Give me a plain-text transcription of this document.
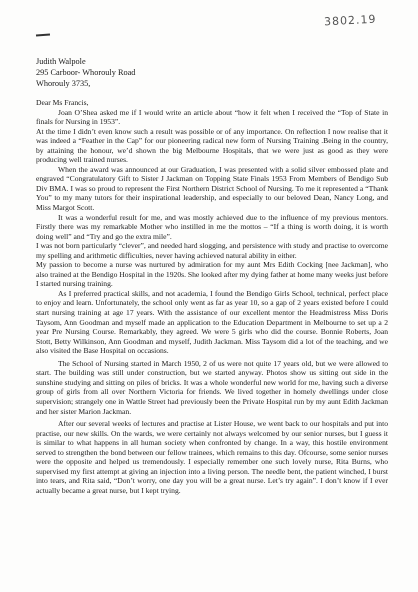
3802.19
Judith Walpole
295 Carboor- Whorouly Road
Whorouly 3735,

Dear Ms Francis,

Joan O’Shea asked me if I would write an article about “how it felt when I received the “Top of State in finals for Nursing in 1953”.

At the time I didn’t even know such a result was possible or of any importance. On reflection I now realise that it was indeed a “Feather in the Cap” for our pioneering radical new form of Nursing Training .Being in the country, by attaining the honour, we’d shown the big Melbourne Hospitals, that we were just as good as they were producing well trained nurses.

When the award was announced at our Graduation, I was presented with a solid silver embossed plate and engraved “Congratulatory Gift to Sister J Jackman on Topping State Finals 1953 From Members of Bendigo Sub Div BMA. I was so proud to represent the First Northern District School of Nursing. To me it represented a “Thank You” to my many tutors for their inspirational leadership, and especially to our beloved Dean, Nancy Long, and Miss Margot Scott.

It was a wonderful result for me, and was mostly achieved due to the influence of my previous mentors. Firstly there was my remarkable Mother who instilled in me the mottos – “If a thing is worth doing, it is worth doing well” and “Try and go the extra mile”.

I was not born particularly “clever”, and needed hard slogging, and persistence with study and practise to overcome my spelling and arithmetic difficulties, never having achieved natural ability in either.

My passion to become a nurse was nurtured by admiration for my aunt Mrs Edith Cocking [nee Jackman], who also trained at the Bendigo Hospital in the 1920s. She looked after my dying father at home many weeks just before I started nursing training.

As I preferred practical skills, and not academia, I found the Bendigo Girls School, technical, perfect place to enjoy and learn. Unfortunately, the school only went as far as year 10, so a gap of 2 years existed before I could start nursing training at age 17 years. With the assistance of our excellent mentor the Headmistress Miss Doris Taysom, Ann Goodman and myself made an application to the Education Department in Melbourne to set up a 2 year Pre Nursing Course. Remarkably, they agreed. We were 5 girls who did the course. Bonnie Roberts, Joan Stott, Betty Wilkinson, Ann Goodman and myself, Judith Jackman. Miss Taysom did a lot of the teaching, and we also visited the Base Hospital on occasions.

The School of Nursing started in March 1950, 2 of us were not quite 17 years old, but we were allowed to start. The building was still under construction, but we started anyway. Photos show us sitting out side in the sunshine studying and sitting on piles of bricks. It was a whole wonderful new world for me, having such a diverse group of girls from all over Northern Victoria for friends. We lived together in homely dwellings under close supervision; strangely one in Wattle Street had previously been the Private Hospital run by my aunt Edith Jackman and her sister Marion Jackman.

After our several weeks of lectures and practise at Lister House, we went back to our hospitals and put into practise, our new skills. On the wards, we were certainly not always welcomed by our senior nurses, but I guess it is similar to what happens in all human society when confronted by change. In a way, this hostile environment served to strengthen the bond between our fellow trainees, which remains to this day. Ofcourse, some senior nurses were the opposite and helped us tremendously. I especially remember one such lovely nurse, Rita Burns, who supervised my first attempt at giving an injection into a living person. The needle bent, the patient winched, I burst into tears, and Rita said, “Don’t worry, one day you will be a great nurse. Let’s try again”. I don’t know if I ever actually became a great nurse, but I kept trying.
